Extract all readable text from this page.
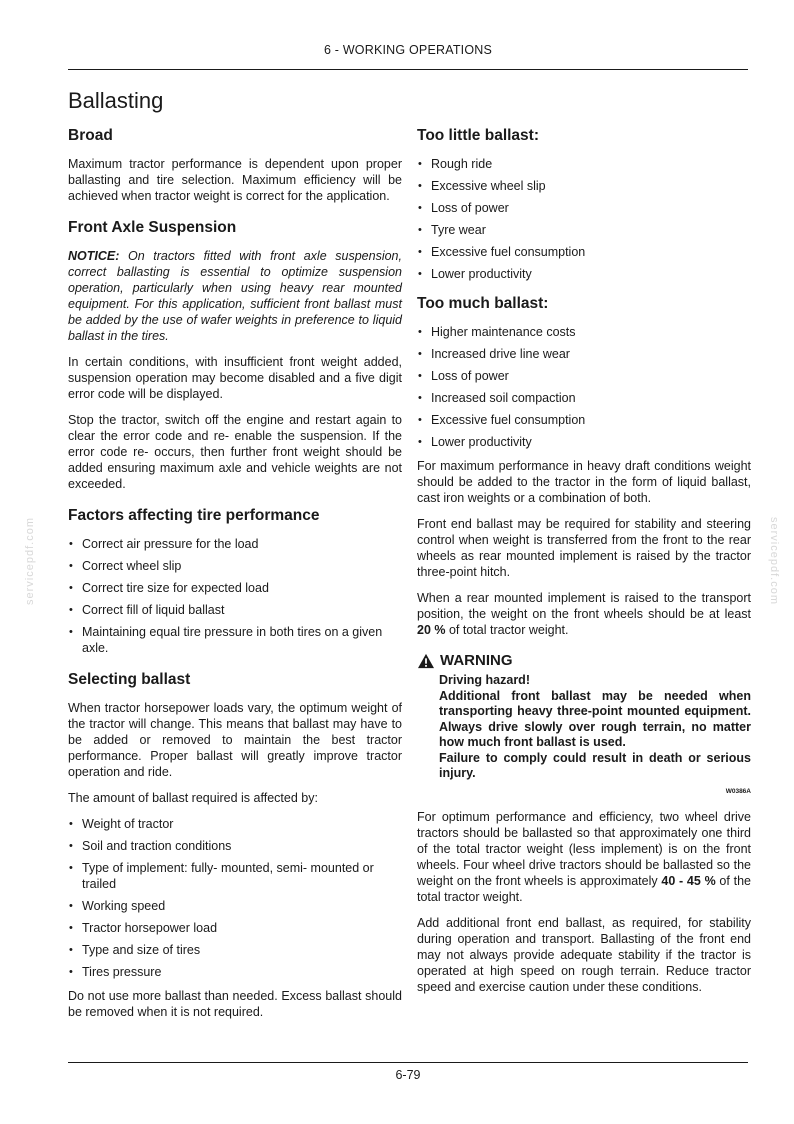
6 - WORKING OPERATIONS
Ballasting
Broad

Maximum tractor performance is dependent upon proper ballasting and tire selection. Maximum efficiency will be achieved when tractor weight is correct for the application.

Front Axle Suspension

NOTICE: On tractors fitted with front axle suspension, correct ballasting is essential to optimize suspension operation, particularly when using heavy rear mounted equipment. For this application, sufficient front ballast must be added by the use of wafer weights in preference to liquid ballast in the tires.

In certain conditions, with insufficient front weight added, suspension operation may become disabled and a five digit error code will be displayed.

Stop the tractor, switch off the engine and restart again to clear the error code and re- enable the suspension. If the error code re- occurs, then further front weight should be added ensuring maximum axle and vehicle weights are not exceeded.

Factors affecting tire performance
• Correct air pressure for the load
• Correct wheel slip
• Correct tire size for expected load
• Correct fill of liquid ballast
• Maintaining equal tire pressure in both tires on a given axle.
Selecting ballast

When tractor horsepower loads vary, the optimum weight of the tractor will change. This means that ballast may have to be added or removed to maintain the best tractor performance. Proper ballast will greatly improve tractor operation and ride.

The amount of ballast required is affected by:

• Weight of tractor
• Soil and traction conditions
• Type of implement: fully- mounted, semi- mounted or trailed
• Working speed
• Tractor horsepower load
• Type and size of tires
• Tires pressure

Do not use more ballast than needed. Excess ballast should be removed when it is not required.

Too little ballast:
• Rough ride
• Excessive wheel slip
• Loss of power
• Tyre wear
• Excessive fuel consumption
• Lower productivity
Too much ballast:
• Higher maintenance costs
• Increased drive line wear
• Loss of power
• Increased soil compaction
• Excessive fuel consumption
• Lower productivity

For maximum performance in heavy draft conditions weight should be added to the tractor in the form of liquid ballast, cast iron weights or a combination of both.

Front end ballast may be required for stability and steering control when weight is transferred from the front to the rear wheels as rear mounted implement is raised by the tractor three-point hitch.

When a rear mounted implement is raised to the transport position, the weight on the front wheels should be at least 20 % of total tractor weight.

WARNING

Driving hazard!

Additional front ballast may be needed when transporting heavy three-point mounted equipment. Always drive slowly over rough terrain, no matter how much front ballast is used.

Failure to comply could result in death or serious injury.

W0386A

For optimum performance and efficiency, two wheel drive tractors should be ballasted so that approximately one third of the total tractor weight (less implement) is on the front wheels. Four wheel drive tractors should be ballasted so the weight on the front wheels is approximately 40 - 45 % of the total tractor weight.

Add additional front end ballast, as required, for stability during operation and transport. Ballasting of the front end may not always provide adequate stability if the tractor is operated at high speed on rough terrain. Reduce tractor speed and exercise caution under these conditions.

6-79
servicepdf.com	servicepdf.com
